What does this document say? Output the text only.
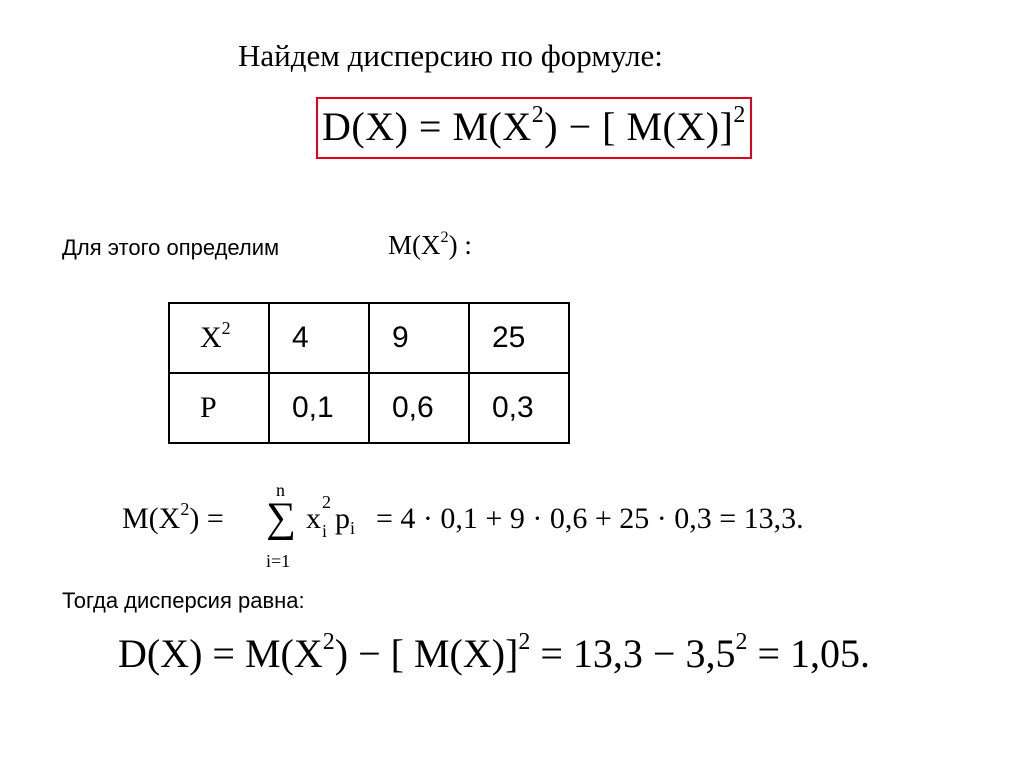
Найдем дисперсию по формуле:
$D(X) = M(X^2)$ − [ M(X)]$^2$
Для этого определим	$M(X^2)$ :
$X^2$	4	9	25
P	0,1	0,6	0,3
$M(X^2)$ =
n
∑
i=1
x 2
i $p_i = 4 \cdot 0,1 + 9 \cdot 0,6 + 25 \cdot 0,3 = 13,3$.
Тогда дисперсия равна:
$D(X) = M(X^2)$ − [ $M(X)]^2 = 13,3 - 3,5^2 = 1,05$.
